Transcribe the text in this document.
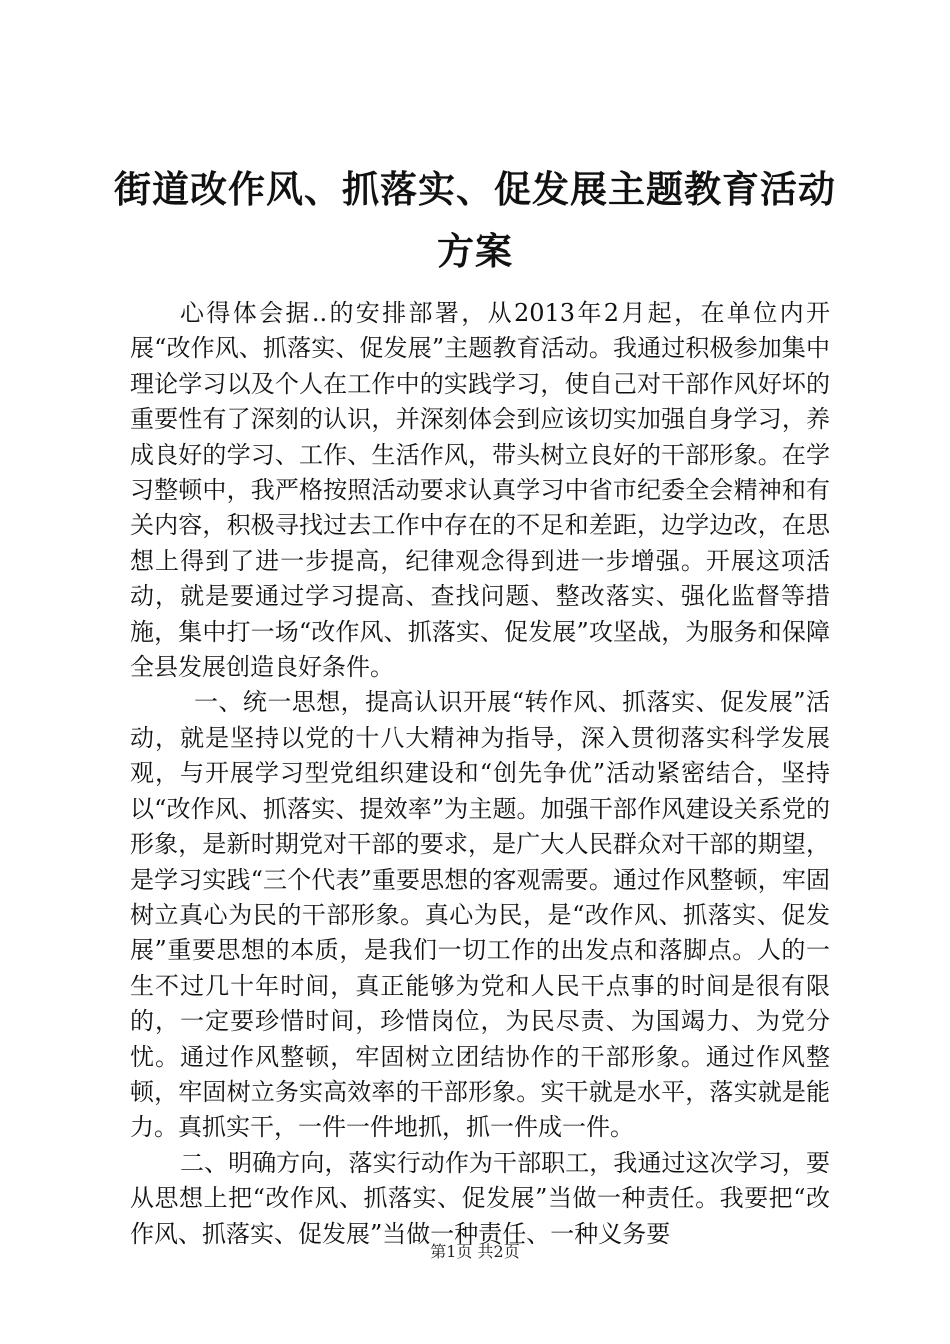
街道改作风、抓落实、促发展主题教育活动方案

心得体会据..的安排部署，从2013年2月起，在单位内开展“改作风、抓落实、促发展”主题教育活动。我通过积极参加集中理论学习以及个人在工作中的实践学习，使自己对干部作风好坏的重要性有了深刻的认识，并深刻体会到应该切实加强自身学习，养成良好的学习、工作、生活作风，带头树立良好的干部形象。在学习整顿中，我严格按照活动要求认真学习中省市纪委全会精神和有关内容，积极寻找过去工作中存在的不足和差距，边学边改，在思想上得到了进一步提高，纪律观念得到进一步增强。开展这项活动，就是要通过学习提高、查找问题、整改落实、强化监督等措施，集中打一场“改作风、抓落实、促发展”攻坚战，为服务和保障全县发展创造良好条件。

一、统一思想，提高认识开展“转作风、抓落实、促发展”活动，就是坚持以党的十八大精神为指导，深入贯彻落实科学发展观，与开展学习型党组织建设和“创先争优”活动紧密结合，坚持以“改作风、抓落实、提效率”为主题。加强干部作风建设关系党的形象，是新时期党对干部的要求，是广大人民群众对干部的期望，是学习实践“三个代表”重要思想的客观需要。通过作风整顿，牢固树立真心为民的干部形象。真心为民，是“改作风、抓落实、促发展”重要思想的本质，是我们一切工作的出发点和落脚点。人的一生不过几十年时间，真正能够为党和人民干点事的时间是很有限的，一定要珍惜时间，珍惜岗位，为民尽责、为国竭力、为党分忧。通过作风整顿，牢固树立团结协作的干部形象。通过作风整顿，牢固树立务实高效率的干部形象。实干就是水平，落实就是能力。真抓实干，一件一件地抓，抓一件成一件。

二、明确方向，落实行动作为干部职工，我通过这次学习，要从思想上把“改作风、抓落实、促发展”当做一种责任。我要把“改作风、抓落实、促发展”当做一种责任、一种义务要

第1页 共2页
